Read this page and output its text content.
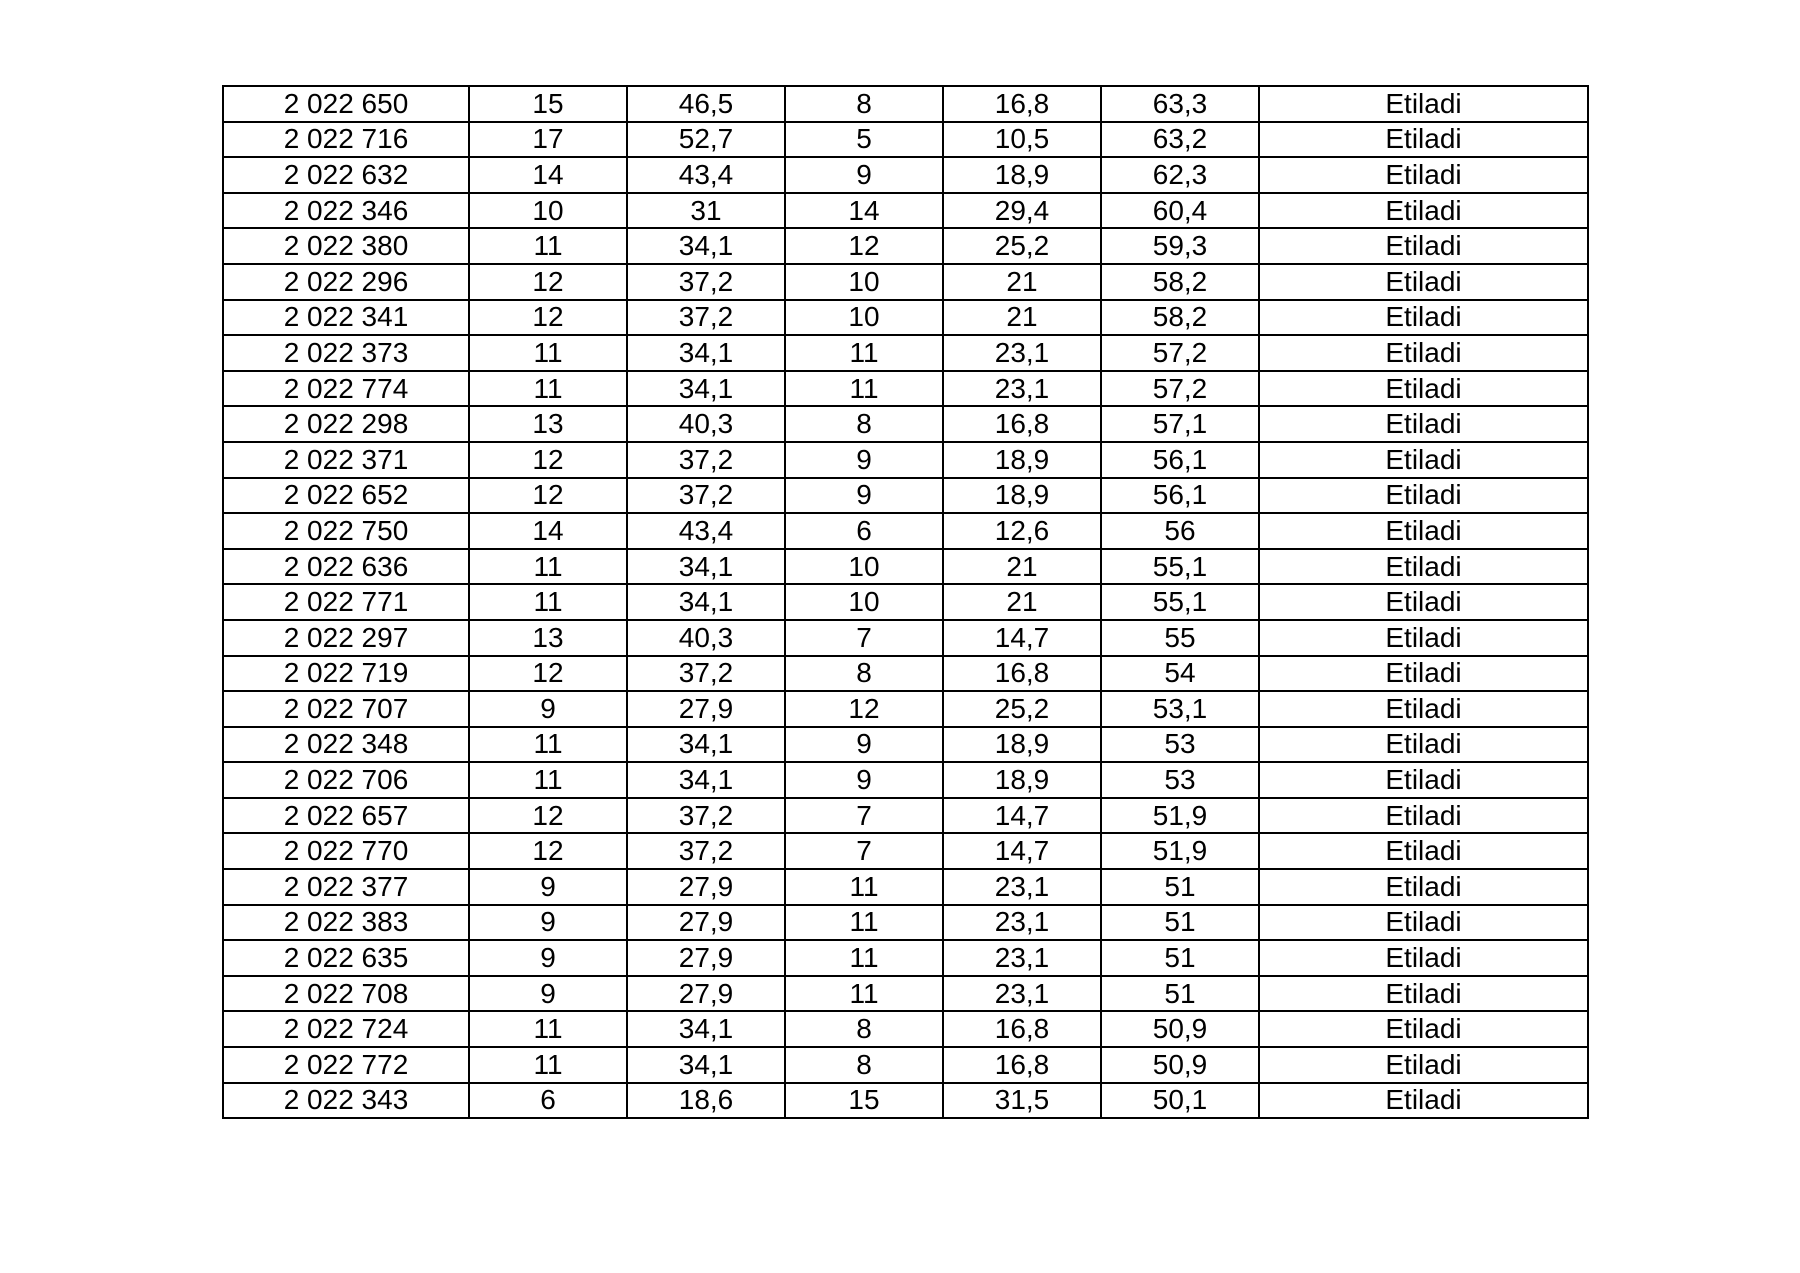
2 022 650	15	46,5	8	16,8	63,3	Etiladi
2 022 716	17	52,7	5	10,5	63,2	Etiladi
2 022 632	14	43,4	9	18,9	62,3	Etiladi
2 022 346	10	31	14	29,4	60,4	Etiladi
2 022 380	11	34,1	12	25,2	59,3	Etiladi
2 022 296	12	37,2	10	21	58,2	Etiladi
2 022 341	12	37,2	10	21	58,2	Etiladi
2 022 373	11	34,1	11	23,1	57,2	Etiladi
2 022 774	11	34,1	11	23,1	57,2	Etiladi
2 022 298	13	40,3	8	16,8	57,1	Etiladi
2 022 371	12	37,2	9	18,9	56,1	Etiladi
2 022 652	12	37,2	9	18,9	56,1	Etiladi
2 022 750	14	43,4	6	12,6	56	Etiladi
2 022 636	11	34,1	10	21	55,1	Etiladi
2 022 771	11	34,1	10	21	55,1	Etiladi
2 022 297	13	40,3	7	14,7	55	Etiladi
2 022 719	12	37,2	8	16,8	54	Etiladi
2 022 707	9	27,9	12	25,2	53,1	Etiladi
2 022 348	11	34,1	9	18,9	53	Etiladi
2 022 706	11	34,1	9	18,9	53	Etiladi
2 022 657	12	37,2	7	14,7	51,9	Etiladi
2 022 770	12	37,2	7	14,7	51,9	Etiladi
2 022 377	9	27,9	11	23,1	51	Etiladi
2 022 383	9	27,9	11	23,1	51	Etiladi
2 022 635	9	27,9	11	23,1	51	Etiladi
2 022 708	9	27,9	11	23,1	51	Etiladi
2 022 724	11	34,1	8	16,8	50,9	Etiladi
2 022 772	11	34,1	8	16,8	50,9	Etiladi
2 022 343	6	18,6	15	31,5	50,1	Etiladi
